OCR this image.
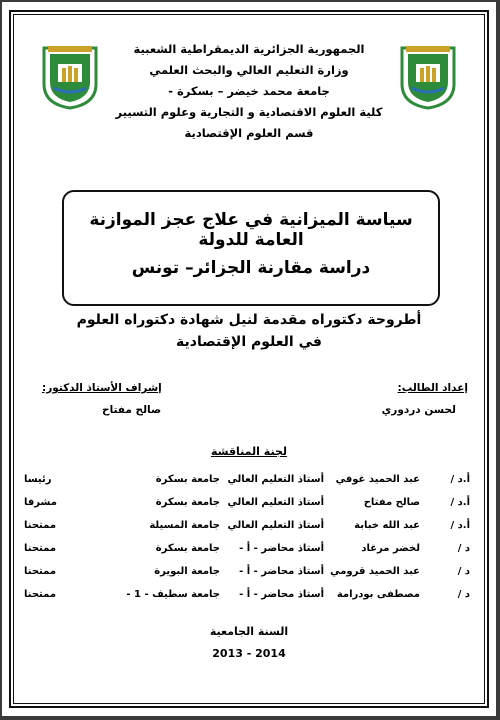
الجمهورية الجزائرية الديمقراطية الشعبية
وزارة التعليم العالي والبحث العلمي
جامعة محمد خيضر – بسكرة -
كلية العلوم الاقتصادية و التجارية وعلوم التسيير
قسم العلوم الإقتصادية
سياسة الميزانية في علاج عجز الموازنة العامة للدولة
دراسة مقارنة الجزائر– تونس
أطروحة دكتوراه مقدمة لنيل شهادة دكتوراه العلوم
في العلوم الإقتصادية
إعداد الطالب:
لحسن دردوري
إشراف الأستاذ الدكتور:
صالح مفتاح
لجنة المناقشة
أ.د /
عبد الحميد غوفي
أستاذ التعليم العالي
جامعة بسكرة
رئيسا
أ.د /
صالح مفتاح
أستاذ التعليم العالي
جامعة بسكرة
مشرفا
أ.د /
عبد الله خبابة
أستاذ التعليم العالي
جامعة المسيلة
ممتحنا
د /
لخضر مرغاد
أستاذ محاضر - أ -
جامعة بسكرة
ممتحنا
د /
عبد الحميد قرومي
أستاذ محاضر - أ -
جامعة البويرة
ممتحنا
د /
مصطفى بودرامة
أستاذ محاضر - أ -
جامعة سطيف - 1 -
ممتحنا
السنة الجامعية
2013 - 2014
